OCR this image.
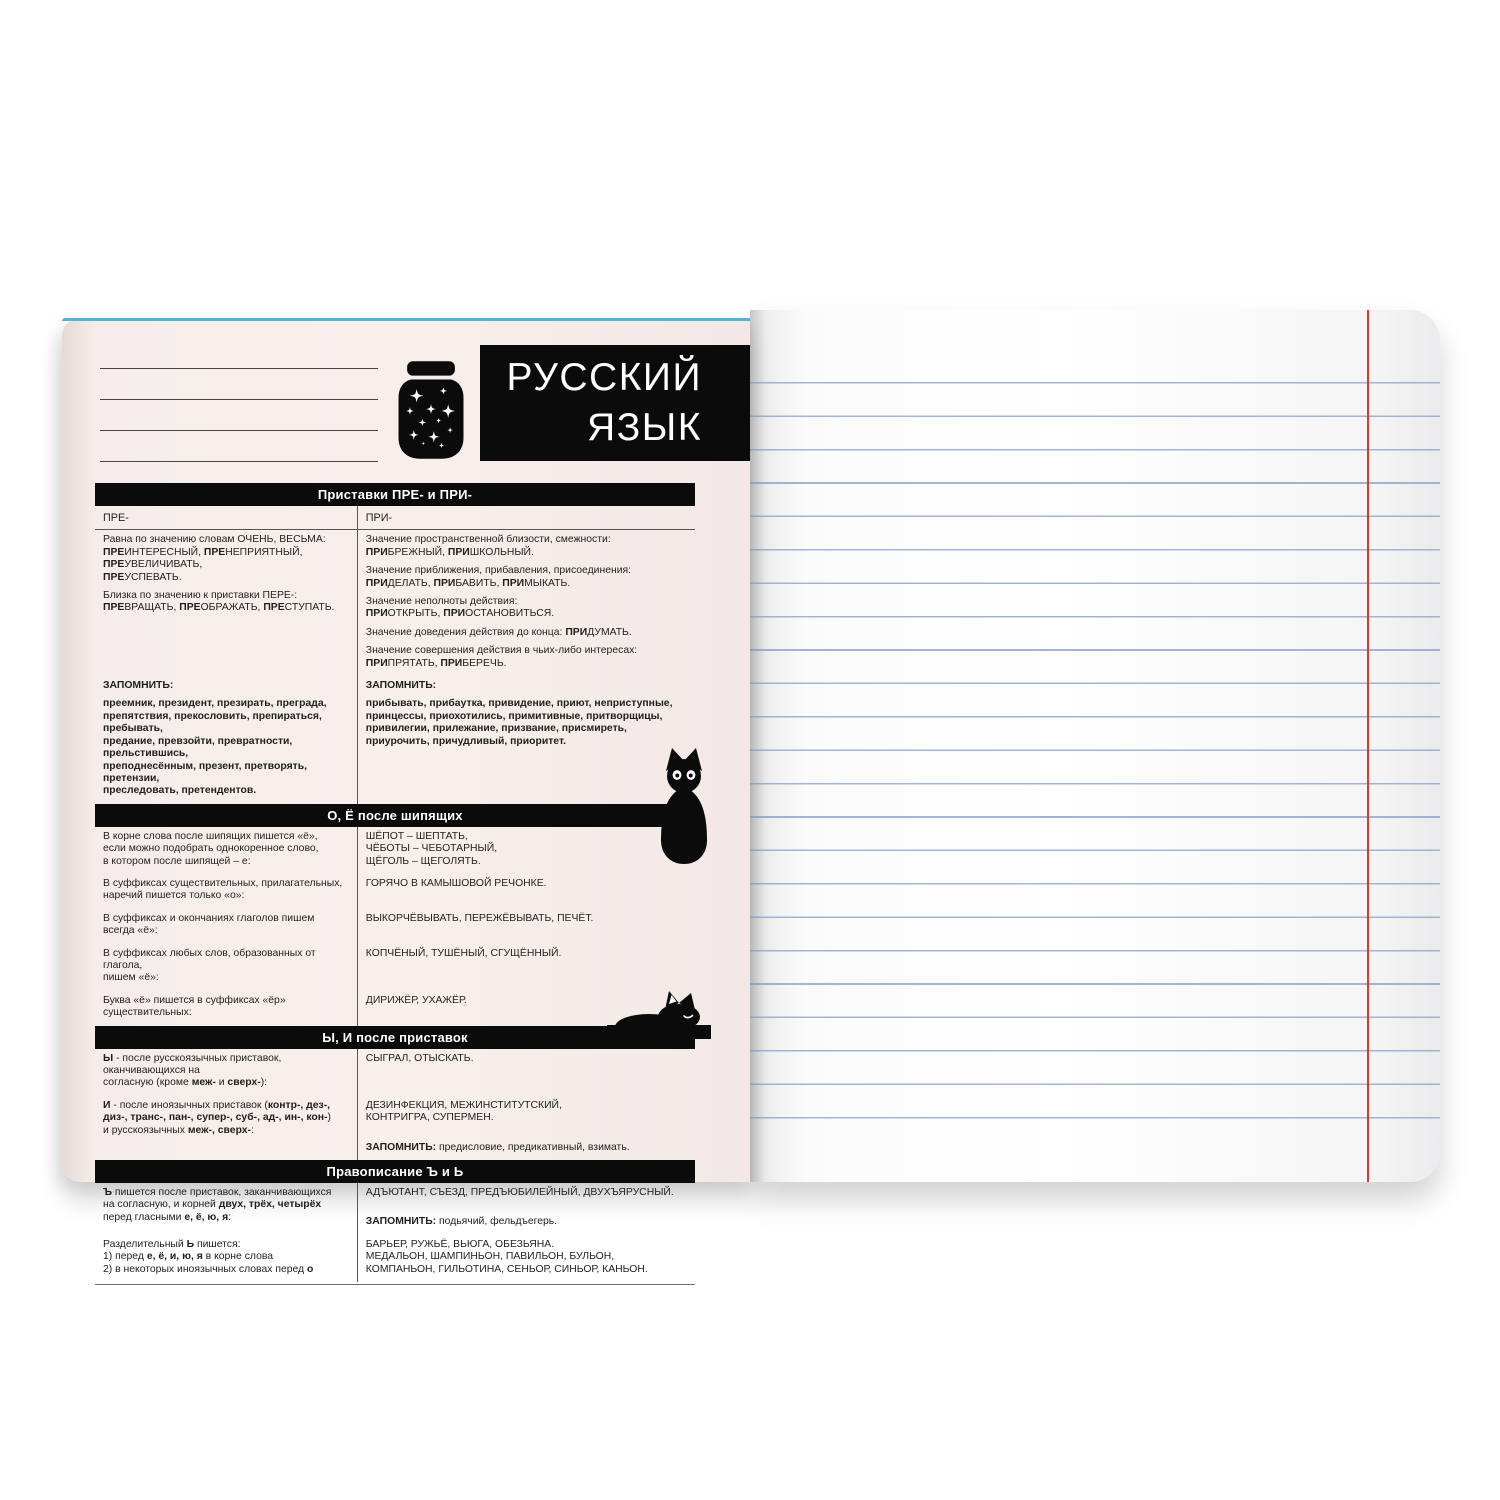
РУССКИЙ
ЯЗЫК
Приставки ПРЕ- и ПРИ-
ПРЕ-	ПРИ-

Равна по значению словам ОЧЕНЬ, ВЕСЬМА:
ПРЕИНТЕРЕСНЫЙ, ПРЕНЕПРИЯТНЫЙ, ПРЕУВЕЛИЧИВАТЬ,
ПРЕУСПЕВАТЬ.

Близка по значению к приставки ПЕРЕ-:
ПРЕВРАЩАТЬ, ПРЕОБРАЖАТЬ, ПРЕСТУПАТЬ.

Значение пространственной близости, смежности:
ПРИБРЕЖНЫЙ, ПРИШКОЛЬНЫЙ.

Значение приближения, прибавления, присоединения:
ПРИДЕЛАТЬ, ПРИБАВИТЬ, ПРИМЫКАТЬ.

Значение неполноты действия:
ПРИОТКРЫТЬ, ПРИОСТАНОВИТЬСЯ.

Значение доведения действия до конца: ПРИДУМАТЬ.

Значение совершения действия в чьих-либо интересах:
ПРИПРЯТАТЬ, ПРИБЕРЕЧЬ.

ЗАПОМНИТЬ:

преемник, президент, презирать, преграда,
препятствия, прекословить, препираться, пребывать,
предание, превзойти, превратности, прельстившись,
преподнесённым, презент, претворять, претензии,
преследовать, претендентов.

ЗАПОМНИТЬ:

прибывать, прибаутка, привидение, приют, неприступные,
принцессы, приохотились, примитивные, притворщицы,
привилегии, прилежание, призвание, присмиреть,
приурочить, причудливый, приоритет.

О, Ё после шипящих

В корне слова после шипящих пишется «ё»,
если можно подобрать однокоренное слово,
в котором после шипящей – е:

ШЁПОТ – ШЕПТАТЬ,
ЧЁБОТЫ – ЧЕБОТАРНЫЙ,
ЩЁГОЛЬ – ЩЕГОЛЯТЬ.

В суффиксах существительных, прилагательных,
наречий пишется только «о»:

ГОРЯЧО В КАМЫШОВОЙ РЕЧОНКЕ.

В суффиксах и окончаниях глаголов пишем всегда «ё»:

ВЫКОРЧЁВЫВАТЬ, ПЕРЕЖЁВЫВАТЬ, ПЕЧЁТ.

В суффиксах любых слов, образованных от глагола,
пишем «ё»:

КОПЧЁНЫЙ, ТУШЁНЫЙ, СГУЩЁННЫЙ.

Буква «ё» пишется в суффиксах «ёр» существительных:

ДИРИЖЁР, УХАЖЁР.

Ы, И после приставок

Ы - после русскоязычных приставок, оканчивающихся на
согласную (кроме меж- и сверх-):

СЫГРАЛ, ОТЫСКАТЬ.

И - после иноязычных приставок (контр-, дез-,
диз-, транс-, пан-, супер-, суб-, ад-, ин-, кон-)
и русскоязычных меж-, сверх-:

ДЕЗИНФЕКЦИЯ, МЕЖИНСТИТУТСКИЙ,
КОНТРИГРА, СУПЕРМЕН.

ЗАПОМНИТЬ: предисловие, предикативный, взимать.

Правописание Ъ и Ь

Ъ пишется после приставок, заканчивающихся
на согласную, и корней двух, трёх, четырёх
перед гласными е, ё, ю, я:

АДЪЮТАНТ, СЪЕЗД, ПРЕДЪЮБИЛЕЙНЫЙ, ДВУХЪЯРУСНЫЙ.

ЗАПОМНИТЬ: подьячий, фельдъегерь.

Разделительный Ь пишется:
1) перед е, ё, и, ю, я в корне слова
2) в некоторых иноязычных словах перед о

БАРЬЕР, РУЖЬЁ, ВЬЮГА, ОБЕЗЬЯНА.
МЕДАЛЬОН, ШАМПИНЬОН, ПАВИЛЬОН, БУЛЬОН,
КОМПАНЬОН, ГИЛЬОТИНА, СЕНЬОР, СИНЬОР, КАНЬОН.
